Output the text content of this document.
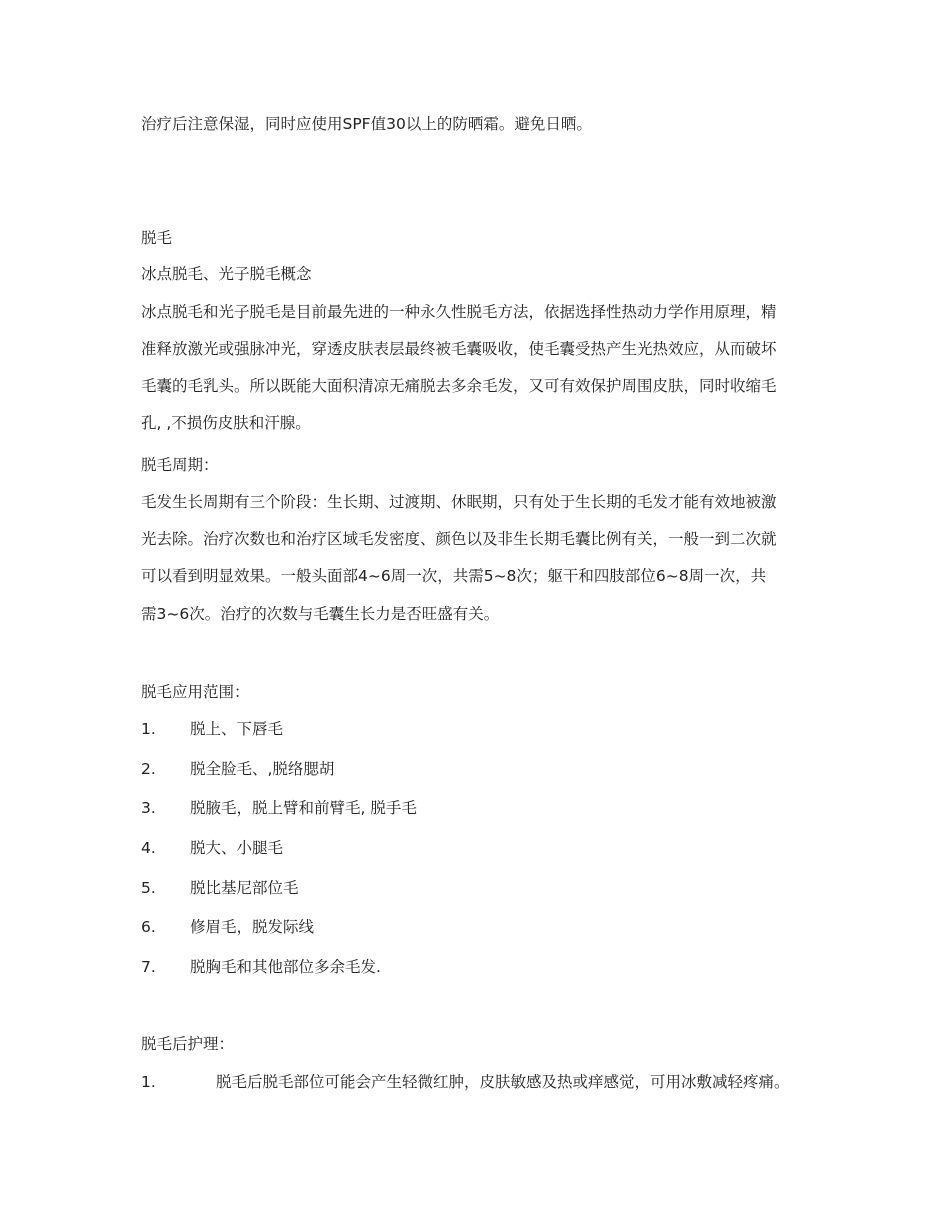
治疗后注意保湿，同时应使用SPF值30以上的防晒霜。避免日晒。
脱毛
冰点脱毛、光子脱毛概念
冰点脱毛和光子脱毛是目前最先进的一种永久性脱毛方法，依据选择性热动力学作用原理，精
准释放激光或强脉冲光，穿透皮肤表层最终被毛囊吸收，使毛囊受热产生光热效应，从而破坏
毛囊的毛乳头。所以既能大面积清凉无痛脱去多余毛发，又可有效保护周围皮肤，同时收缩毛
孔, ,不损伤皮肤和汗腺。
脱毛周期：
毛发生长周期有三个阶段：生长期、过渡期、休眠期，只有处于生长期的毛发才能有效地被激
光去除。治疗次数也和治疗区域毛发密度、颜色以及非生长期毛囊比例有关，一般一到二次就
可以看到明显效果。一般头面部4~6周一次，共需5~8次；躯干和四肢部位6~8周一次，共
需3~6次。治疗的次数与毛囊生长力是否旺盛有关。
脱毛应用范围：
1. 脱上、下唇毛
2. 脱全脸毛、,脱络腮胡
3. 脱腋毛，脱上臂和前臂毛, 脱手毛
4. 脱大、小腿毛
5. 脱比基尼部位毛
6. 修眉毛，脱发际线
7. 脱胸毛和其他部位多余毛发.
脱毛后护理：
1.	脱毛后脱毛部位可能会产生轻微红肿，皮肤敏感及热或痒感觉，可用冰敷减轻疼痛。
